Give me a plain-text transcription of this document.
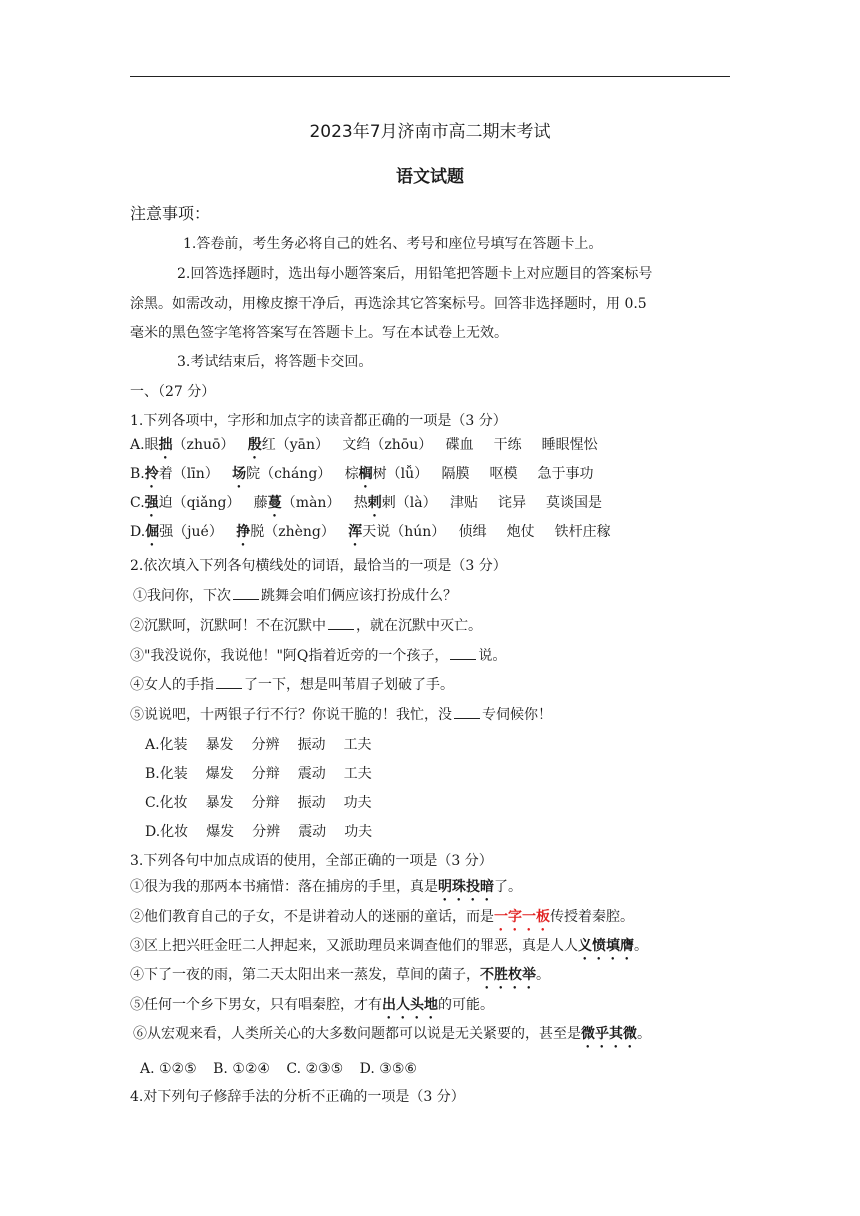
2023年7月济南市高二期末考试
语文试题
注意事项：
1.答卷前，考生务必将自己的姓名、考号和座位号填写在答题卡上。
2.回答选择题时，选出每小题答案后，用铅笔把答题卡上对应题目的答案标号
涂黑。如需改动，用橡皮擦干净后，再选涂其它答案标号。回答非选择题时，用 0.5
毫米的黑色签字笔将答案写在答题卡上。写在本试卷上无效。
3.考试结束后，将答题卡交回。
一、（27 分）
1.下列各项中，字形和加点字的读音都正确的一项是（3 分）
A.眼拙（zhuō） 殷红（yān） 文绉（zhōu） 碟血 干练 睡眼惺忪
B.拎着（līn） 场院（cháng） 棕榈树（lǚ） 隔膜 呕模 急于事功
C.强迫（qiǎng） 藤蔓（màn） 热剌剌（là） 津贴 诧异 莫谈国是
D.倔强（jué） 挣脱（zhèng） 浑天说（hún） 侦缉 炮仗 铁杆庄稼
2.依次填入下列各句横线处的词语，最恰当的一项是（3 分）
①我问你，下次 跳舞会咱们俩应该打扮成什么？
②沉默呵，沉默呵！不在沉默中 ，就在沉默中灭亡。
③"我没说你，我说他！"阿Q指着近旁的一个孩子， 说。
④女人的手指 了一下，想是叫苇眉子划破了手。
⑤说说吧，十两银子行不行？你说干脆的！我忙，没 专伺候你！
A.化装 暴发 分辨 振动 工夫
B.化装 爆发 分辩 震动 工夫
C.化妆 暴发 分辩 振动 功夫
D.化妆 爆发 分辨 震动 功夫
3.下列各句中加点成语的使用，全部正确的一项是（3 分）
①很为我的那两本书痛惜：落在捕房的手里，真是明珠投暗了。
②他们教育自己的子女，不是讲着动人的迷丽的童话，而是一字一板传授着秦腔。
③区上把兴旺金旺二人押起来，又派助理员来调查他们的罪恶，真是人人义愤填膺。
④下了一夜的雨，第二天太阳出来一蒸发，草间的菌子，不胜枚举。
⑤任何一个乡下男女，只有唱秦腔，才有出人头地的可能。
⑥从宏观来看，人类所关心的大多数问题都可以说是无关紧要的，甚至是微乎其微。
A. ①②⑤ B. ①②④ C. ②③⑤ D. ③⑤⑥
4.对下列句子修辞手法的分析不正确的一项是（3 分）
